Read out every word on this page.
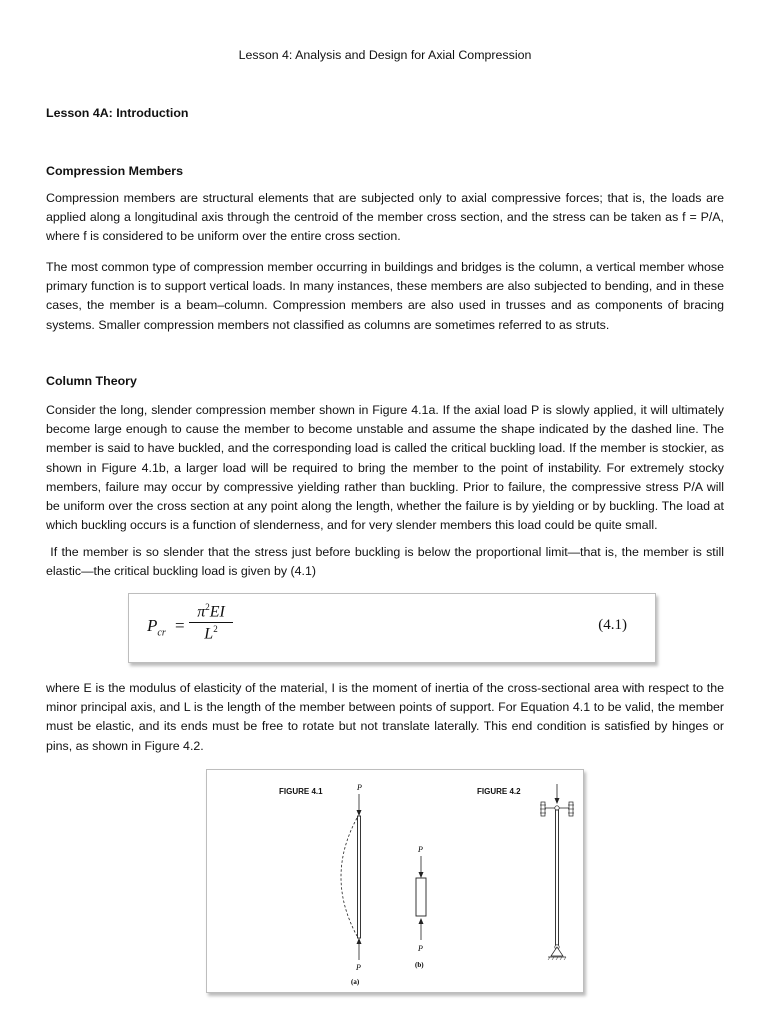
Lesson 4: Analysis and Design for Axial Compression
Lesson 4A: Introduction
Compression Members

Compression members are structural elements that are subjected only to axial compressive forces; that is, the loads are applied along a longitudinal axis through the centroid of the member cross section, and the stress can be taken as f = P/A, where f is considered to be uniform over the entire cross section.

The most common type of compression member occurring in buildings and bridges is the column, a vertical member whose primary function is to support vertical loads. In many instances, these members are also subjected to bending, and in these cases, the member is a beam–column. Compression members are also used in trusses and as components of bracing systems. Smaller compression members not classified as columns are sometimes referred to as struts.

Column Theory

Consider the long, slender compression member shown in Figure 4.1a. If the axial load P is slowly applied, it will ultimately become large enough to cause the member to become unstable and assume the shape indicated by the dashed line. The member is said to have buckled, and the corresponding load is called the critical buckling load. If the member is stockier, as shown in Figure 4.1b, a larger load will be required to bring the member to the point of instability. For extremely stocky members, failure may occur by compressive yielding rather than buckling. Prior to failure, the compressive stress P/A will be uniform over the cross section at any point along the length, whether the failure is by yielding or by buckling. The load at which buckling occurs is a function of slenderness, and for very slender members this load could be quite small.

If the member is so slender that the stress just before buckling is below the proportional limit—that is, the member is still elastic—the critical buckling load is given by (4.1)

where E is the modulus of elasticity of the material, I is the moment of inertia of the cross-sectional area with respect to the minor principal axis, and L is the length of the member between points of support. For Equation 4.1 to be valid, the member must be elastic, and its ends must be free to rotate but not translate laterally. This end condition is satisfied by hinges or pins, as shown in Figure 4.2.

$P_{cr} = \frac{\pi^2EI}{L^2}$	(4.1)
FIGURE 4.1	FIGURE 4.2
P
P
(a)
P
P
(b)
